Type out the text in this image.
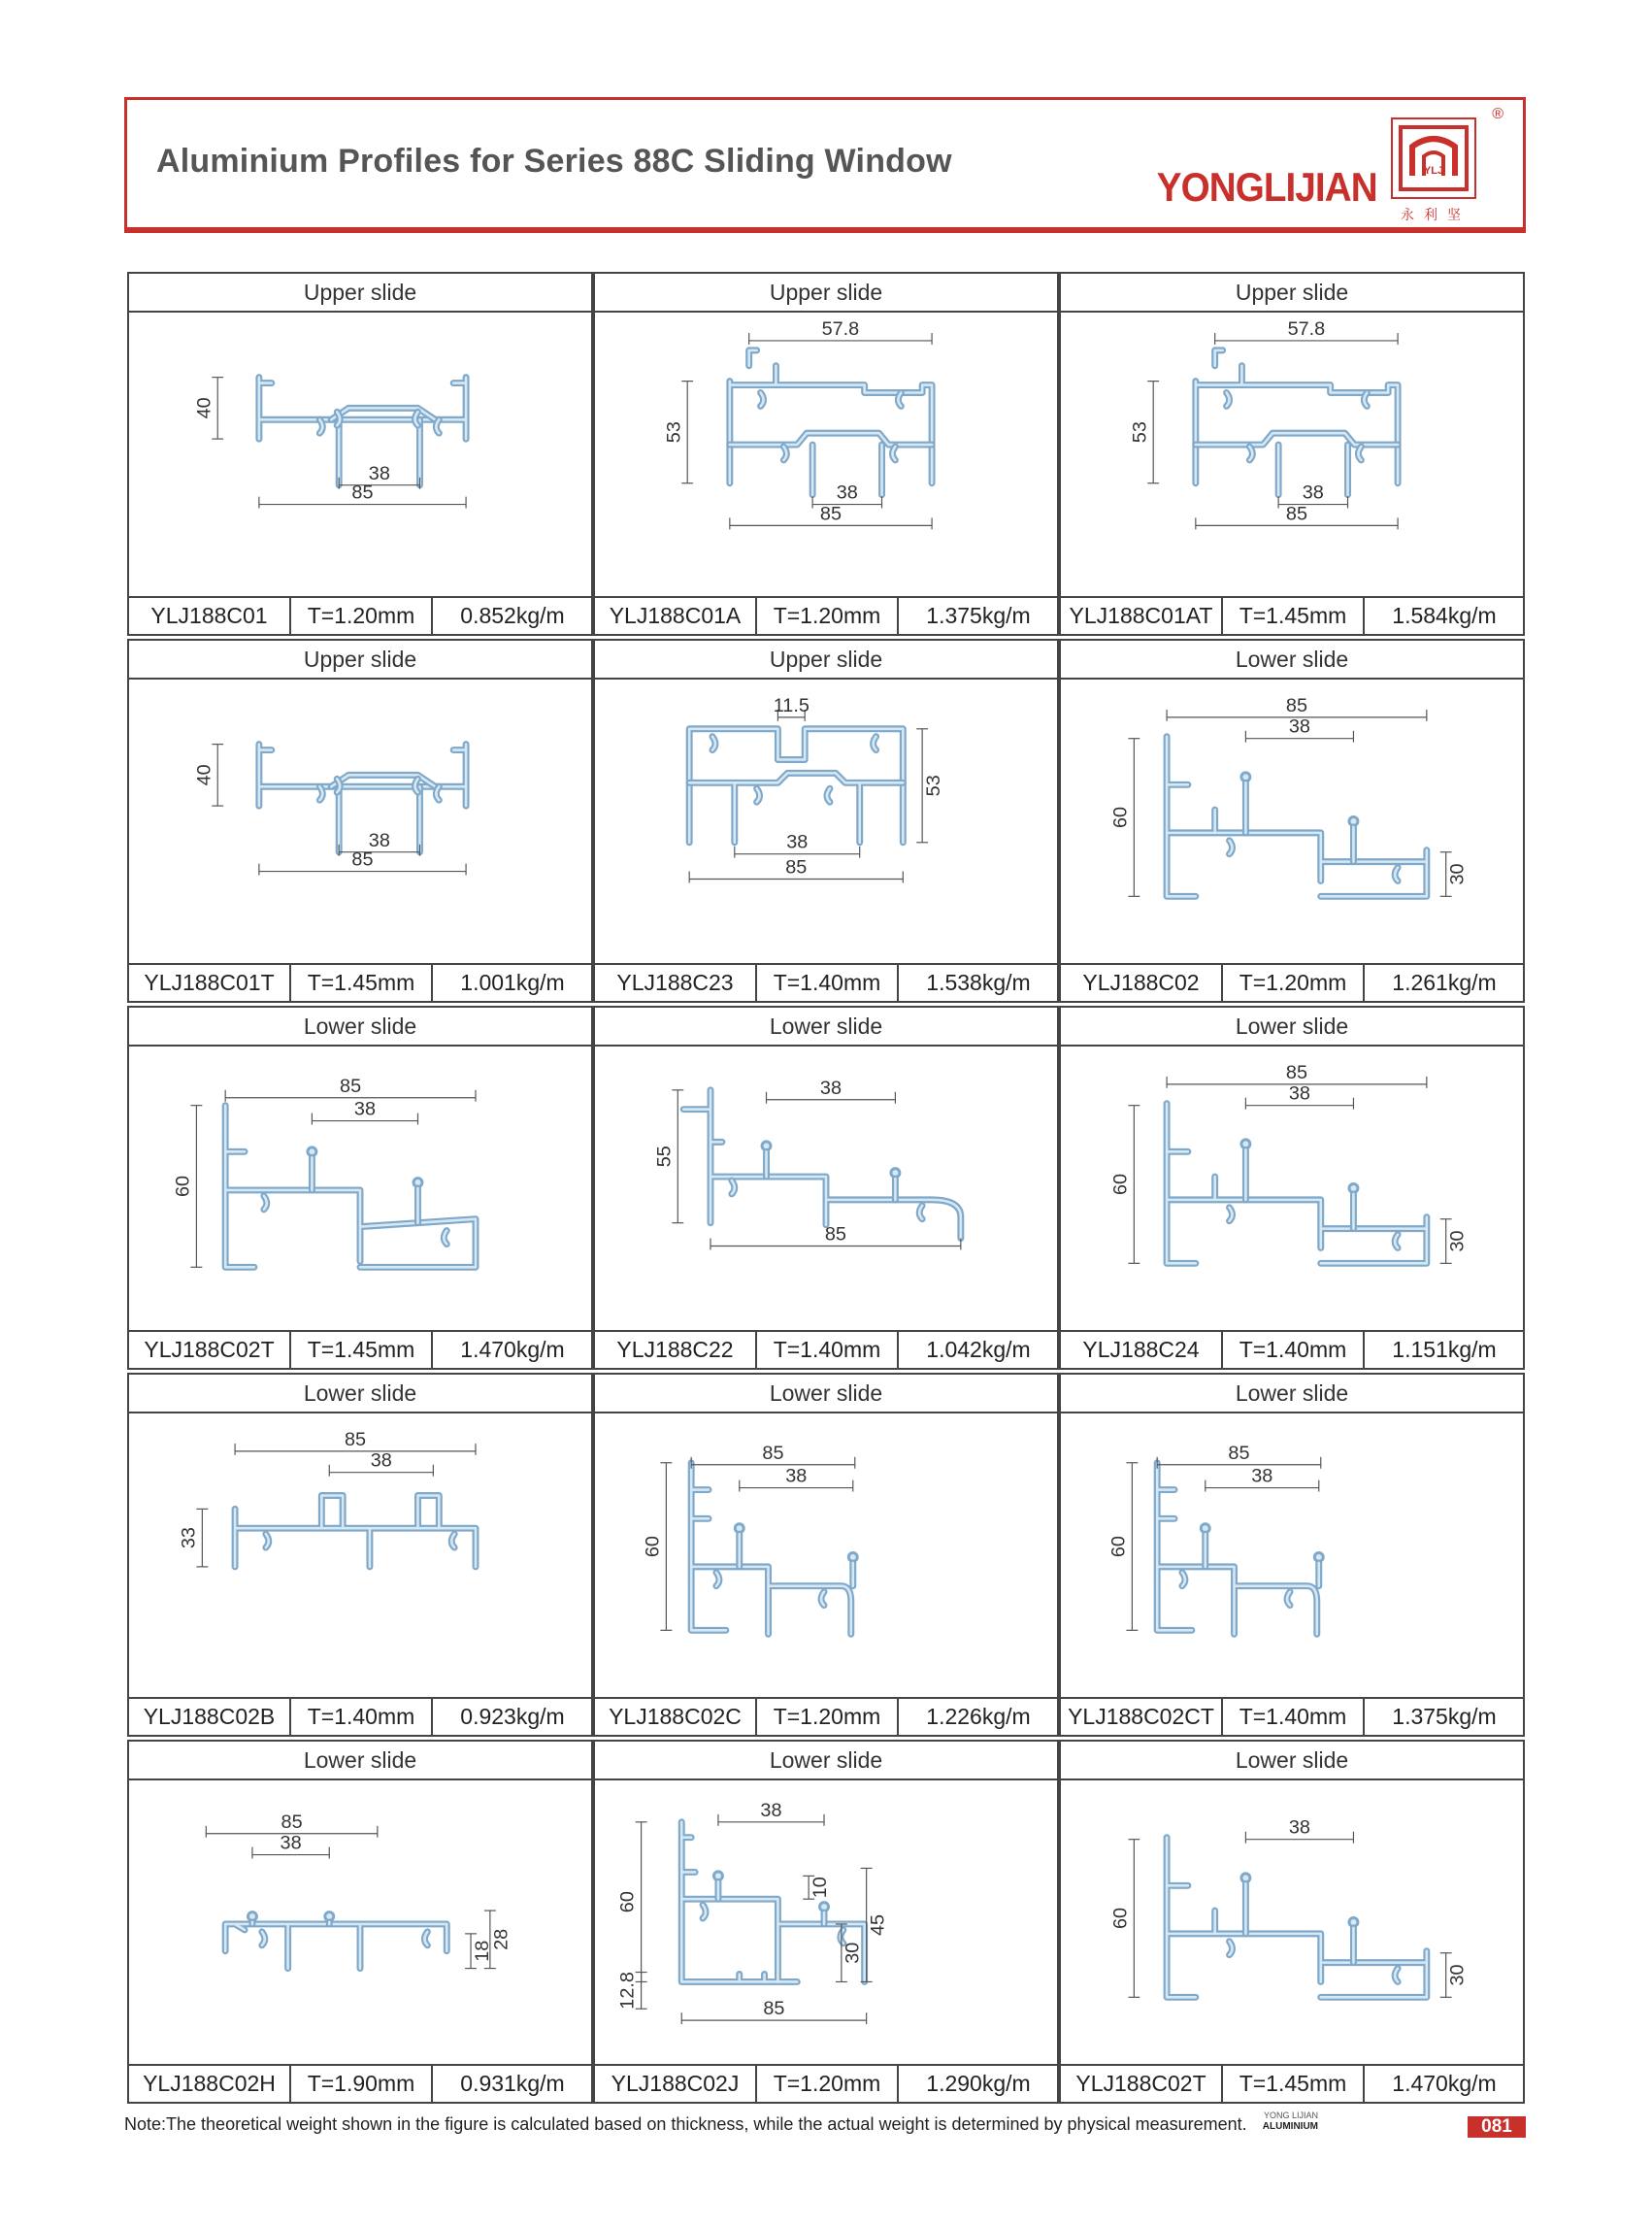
Aluminium Profiles for Series 88C Sliding Window
YONGLIJIAN	YLJ
®
永利坚
Upper slide
40
38
85
YLJ188C01	T=1.20mm	0.852kg/m
Upper slide
57.8
53
38
85
YLJ188C01A	T=1.20mm	1.375kg/m
Upper slide
57.8
53
38
85
YLJ188C01AT	T=1.45mm	1.584kg/m
Upper slide
40
38
85
YLJ188C01T	T=1.45mm	1.001kg/m
Upper slide
11.5
53
38
85
YLJ188C23	T=1.40mm	1.538kg/m
Lower slide
60
38
85
30
YLJ188C02	T=1.20mm	1.261kg/m
Lower slide
60
38
85
YLJ188C02T	T=1.45mm	1.470kg/m
Lower slide
55
38
85
YLJ188C22	T=1.40mm	1.042kg/m
Lower slide
60
38
85
30
YLJ188C24	T=1.40mm	1.151kg/m
Lower slide
33
38
85
YLJ188C02B	T=1.40mm	0.923kg/m
Lower slide
60
38
85
YLJ188C02C	T=1.20mm	1.226kg/m
Lower slide
60
38
85
YLJ188C02CT	T=1.40mm	1.375kg/m
Lower slide
18
28
38
85
YLJ188C02H	T=1.90mm	0.931kg/m
Lower slide
38
10
30
45
60
12.8	85
YLJ188C02J	T=1.20mm	1.290kg/m
Lower slide
60
38
30
YLJ188C02T	T=1.45mm	1.470kg/m
Note:The theoretical weight shown in the figure is calculated based on thickness, while the actual weight is determined by physical measurement. YONG LIJIAN
ALUMINIUM	081
